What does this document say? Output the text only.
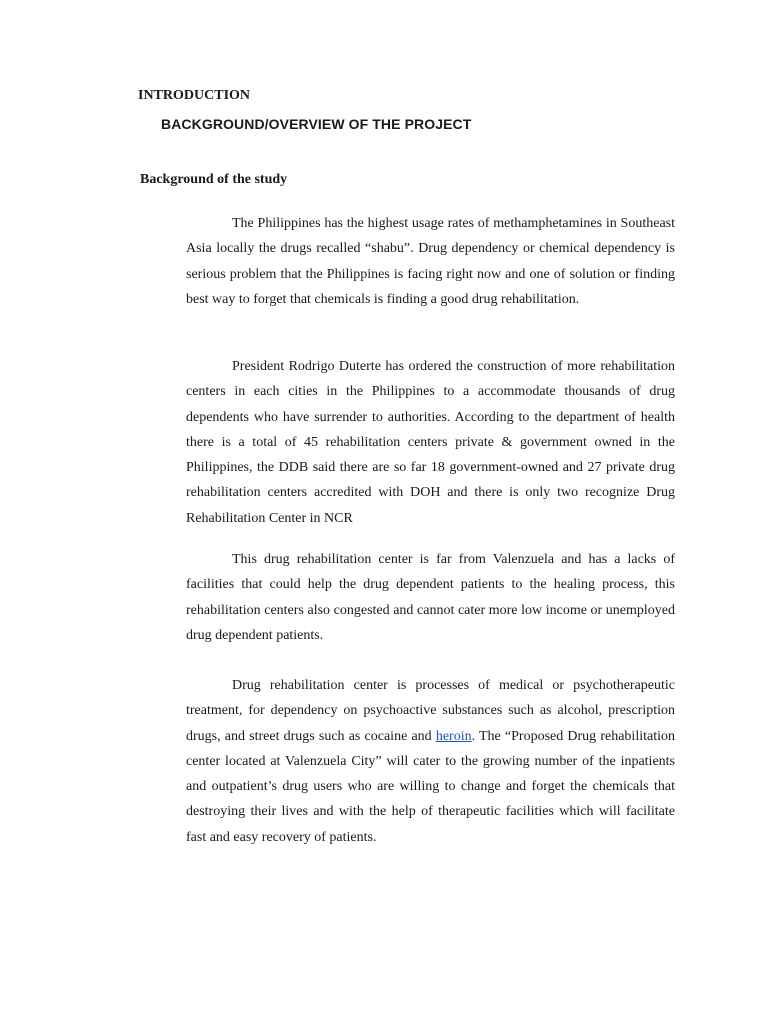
INTRODUCTION
BACKGROUND/OVERVIEW OF THE PROJECT
Background of the study

The Philippines has the highest usage rates of methamphetamines in Southeast Asia locally the drugs recalled “shabu”. Drug dependency or chemical dependency is serious problem that the Philippines is facing right now and one of solution or finding best way to forget that chemicals is finding a good drug rehabilitation.

President Rodrigo Duterte has ordered the construction of more rehabilitation centers in each cities in the Philippines to a accommodate thousands of drug dependents who have surrender to authorities. According to the department of health there is a total of 45 rehabilitation centers private & government owned in the Philippines, the DDB said there are so far 18 government-owned and 27 private drug rehabilitation centers accredited with DOH and there is only two recognize Drug Rehabilitation Center in NCR

This drug rehabilitation center is far from Valenzuela and has a lacks of facilities that could help the drug dependent patients to the healing process, this rehabilitation centers also congested and cannot cater more low income or unemployed drug dependent patients.

Drug rehabilitation center is processes of medical or psychotherapeutic treatment, for dependency on psychoactive substances such as alcohol, prescription drugs, and street drugs such as cocaine and heroin. The “Proposed Drug rehabilitation center located at Valenzuela City” will cater to the growing number of the inpatients and outpatient’s drug users who are willing to change and forget the chemicals that destroying their lives and with the help of therapeutic facilities which will facilitate fast and easy recovery of patients.
